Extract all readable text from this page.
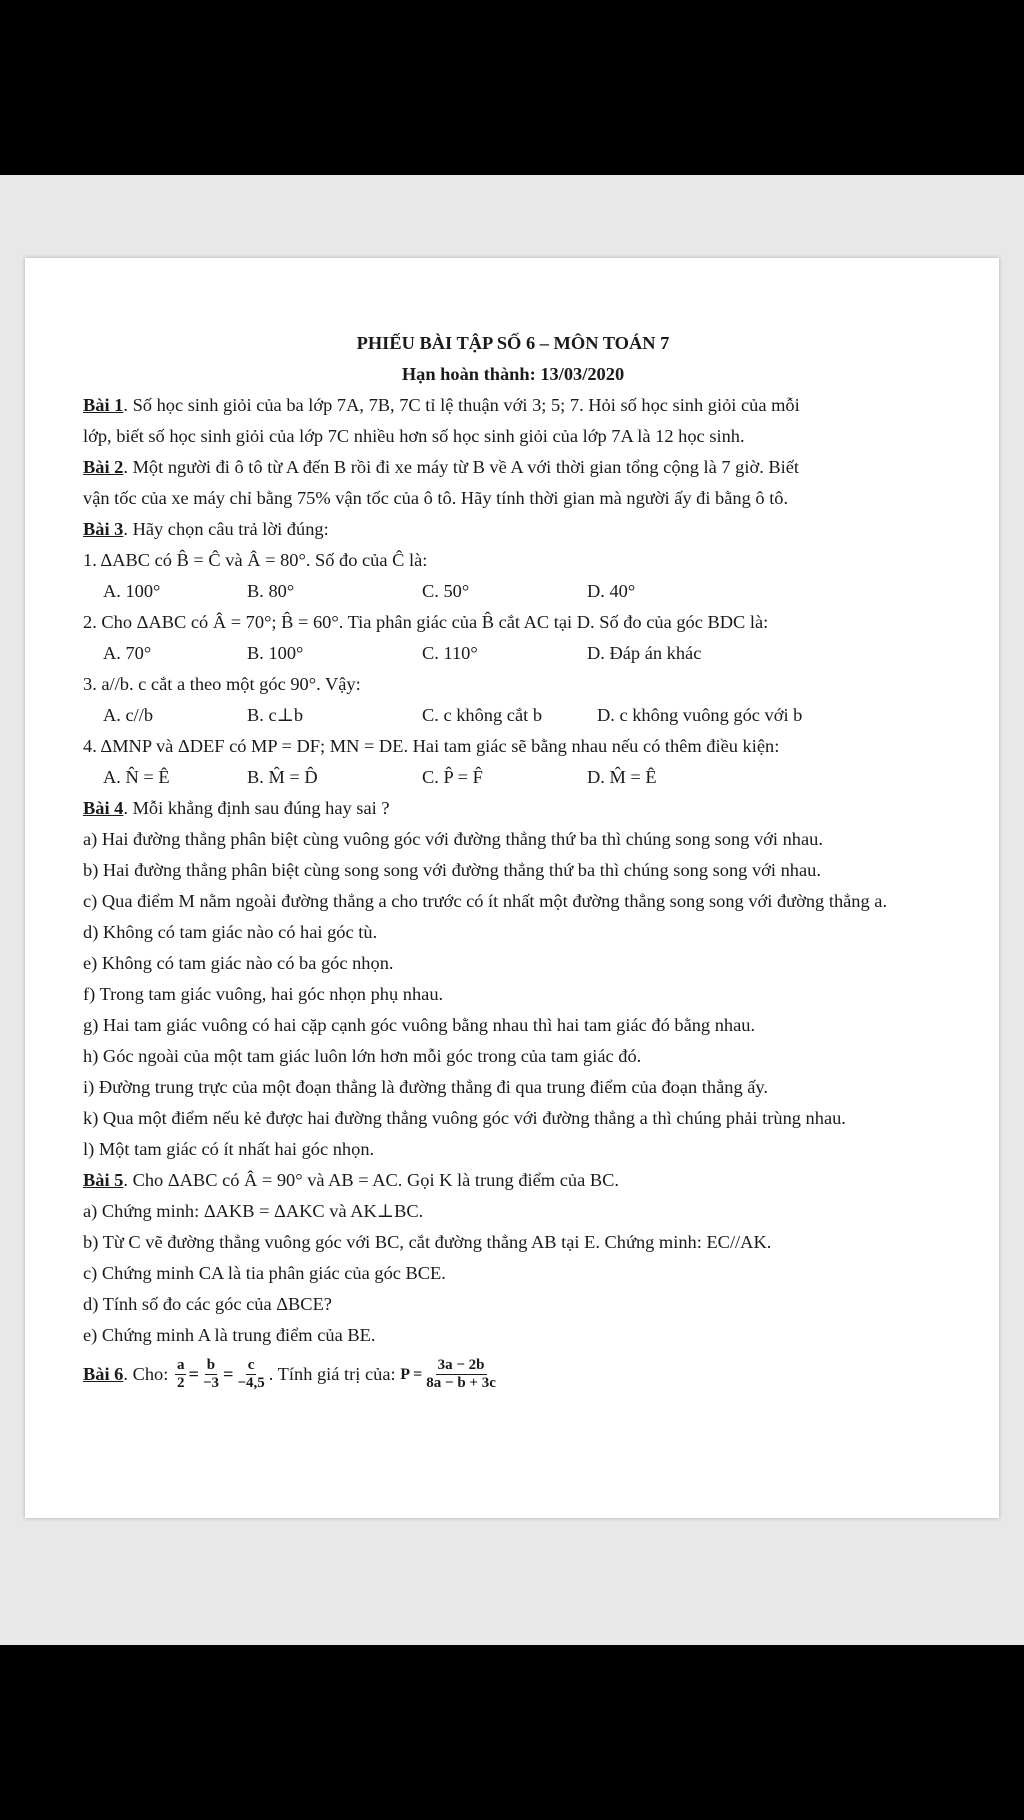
PHIẾU BÀI TẬP SỐ 6 – MÔN TOÁN 7
Hạn hoàn thành: 13/03/2020
Bài 1. Số học sinh giỏi của ba lớp 7A, 7B, 7C tỉ lệ thuận với 3; 5; 7. Hỏi số học sinh giỏi của mỗi
lớp, biết số học sinh giỏi của lớp 7C nhiều hơn số học sinh giỏi của lớp 7A là 12 học sinh.
Bài 2. Một người đi ô tô từ A đến B rồi đi xe máy từ B về A với thời gian tổng cộng là 7 giờ. Biết
vận tốc của xe máy chỉ bằng 75% vận tốc của ô tô. Hãy tính thời gian mà người ấy đi bằng ô tô.
Bài 3. Hãy chọn câu trả lời đúng:
1. ΔABC có B̂ = Ĉ và Â = 80°. Số đo của Ĉ là:
A. 100°	B. 80°	C. 50°	D. 40°
2. Cho ΔABC có Â = 70°; B̂ = 60°. Tia phân giác của B̂ cắt AC tại D. Số đo của góc BDC là:
A. 70°	B. 100°	C. 110°	D. Đáp án khác
3. a//b. c cắt a theo một góc 90°. Vậy:
A. c//b	B. c⊥b	C. c không cắt b	D. c không vuông góc với b
4. ΔMNP và ΔDEF có MP = DF; MN = DE. Hai tam giác sẽ bằng nhau nếu có thêm điều kiện:
A. N̂ = Ê	B. M̂ = D̂	C. P̂ = F̂	D. M̂ = Ê
Bài 4. Mỗi khẳng định sau đúng hay sai ?
a) Hai đường thẳng phân biệt cùng vuông góc với đường thẳng thứ ba thì chúng song song với nhau.
b) Hai đường thẳng phân biệt cùng song song với đường thẳng thứ ba thì chúng song song với nhau.
c) Qua điểm M nằm ngoài đường thẳng a cho trước có ít nhất một đường thẳng song song với đường thẳng a.
d) Không có tam giác nào có hai góc tù.
e) Không có tam giác nào có ba góc nhọn.
f) Trong tam giác vuông, hai góc nhọn phụ nhau.
g) Hai tam giác vuông có hai cặp cạnh góc vuông bằng nhau thì hai tam giác đó bằng nhau.
h) Góc ngoài của một tam giác luôn lớn hơn mỗi góc trong của tam giác đó.
i) Đường trung trực của một đoạn thẳng là đường thẳng đi qua trung điểm của đoạn thẳng ấy.
k) Qua một điểm nếu kẻ được hai đường thẳng vuông góc với đường thẳng a thì chúng phải trùng nhau.
l) Một tam giác có ít nhất hai góc nhọn.
Bài 5. Cho ΔABC có Â = 90° và AB = AC. Gọi K là trung điểm của BC.
a) Chứng minh: ΔAKB = ΔAKC và AK⊥BC.
b) Từ C vẽ đường thẳng vuông góc với BC, cắt đường thẳng AB tại E. Chứng minh: EC//AK.
c) Chứng minh CA là tia phân giác của góc BCE.
d) Tính số đo các góc của ΔBCE?
e) Chứng minh A là trung điểm của BE.
Bài 6 . Cho:
$\frac{a}{2} = \frac{b}{-3} = \frac{c}{-4,5}$ . Tính giá trị của:
$P = \frac{3a - 2b}{8a - b + 3c}$
